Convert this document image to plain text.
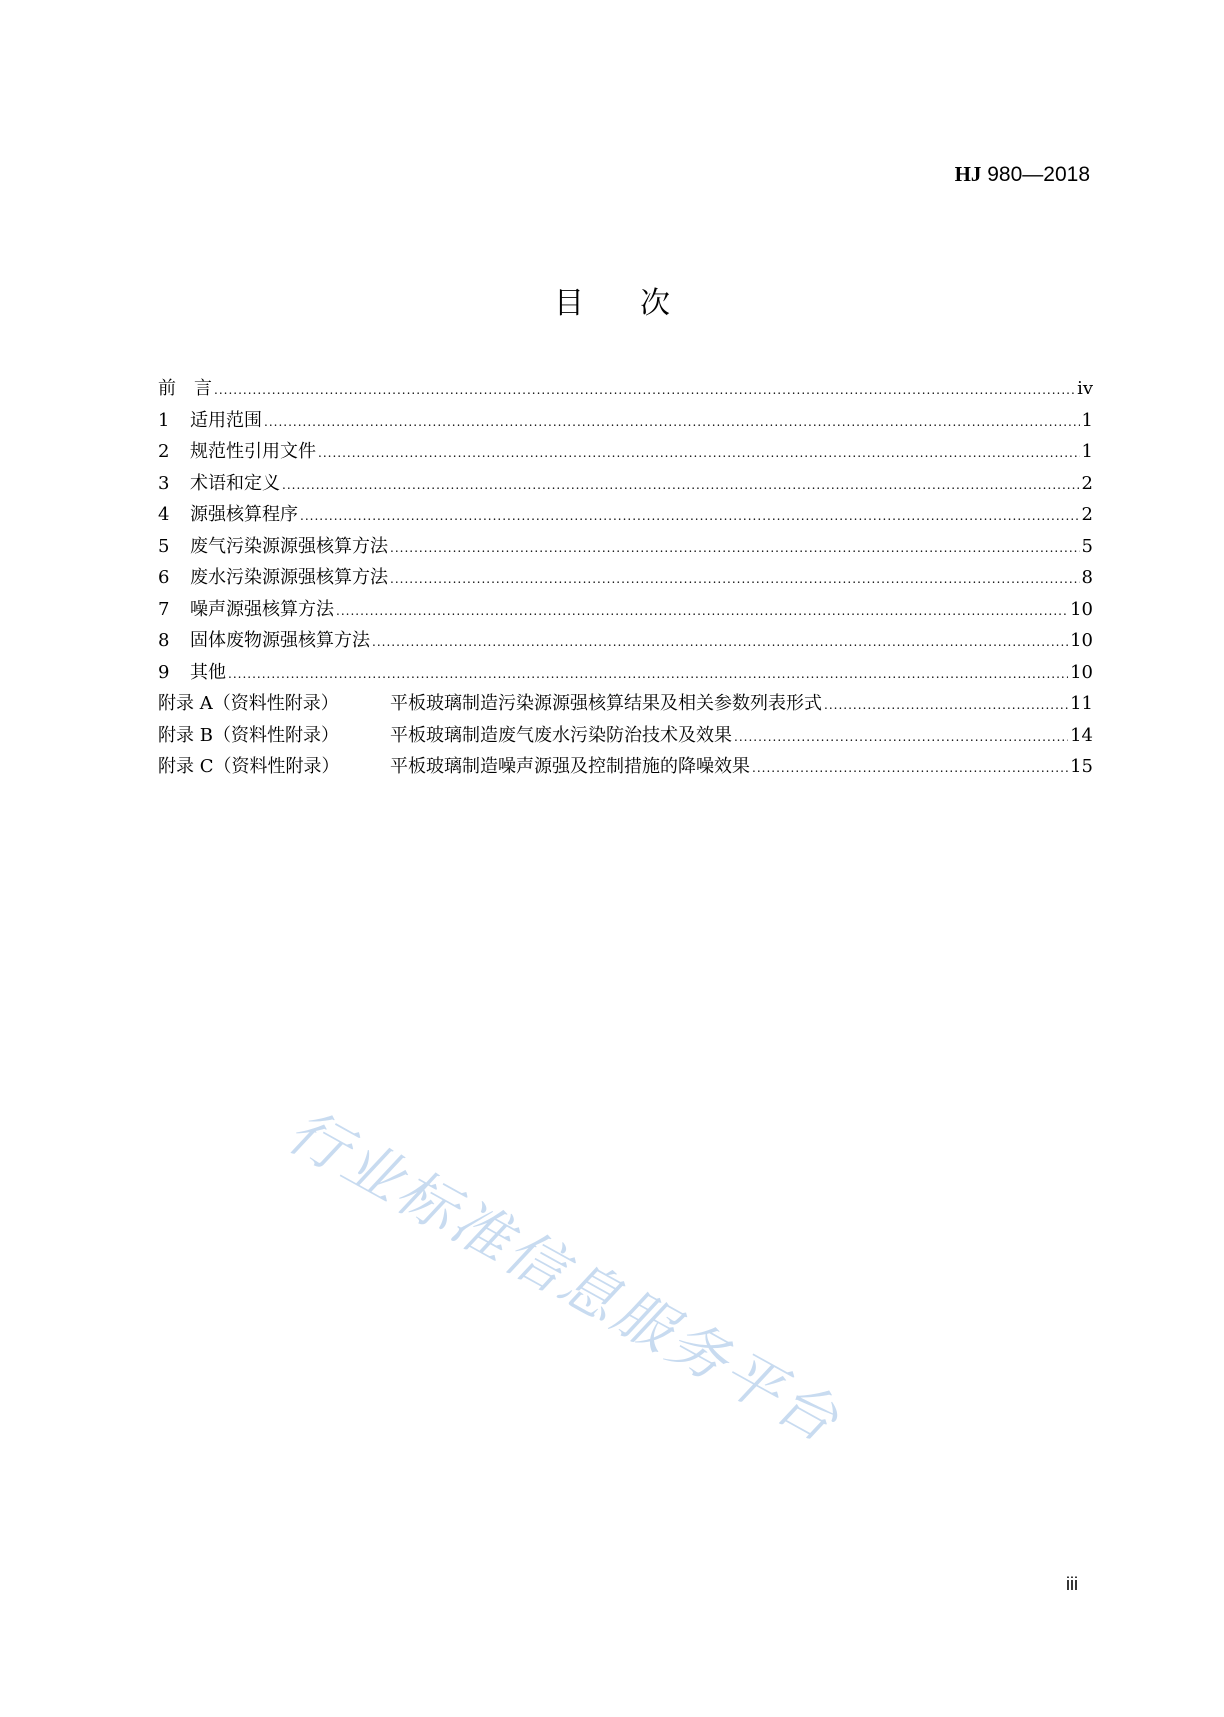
HJ 980—2018
目次
前　言 .....	iv
1 适用范围 .....	1
2 规范性引用文件 .....	1
3 术语和定义 .....	2
4 源强核算程序 .....	2
5 废气污染源源强核算方法 .....	5
6 废水污染源源强核算方法 .....	8
7 噪声源强核算方法 .....	10
8 固体废物源强核算方法 .....	10
9 其他 .....	10
附录 A（资料性附录）	平板玻璃制造污染源源强核算结果及相关参数列表形式 .....	11
附录 B（资料性附录）	平板玻璃制造废气废水污染防治技术及效果 .....	14
附录 C（资料性附录）	平板玻璃制造噪声源强及控制措施的降噪效果 .....	15
行业标准信息服务平台
iii
